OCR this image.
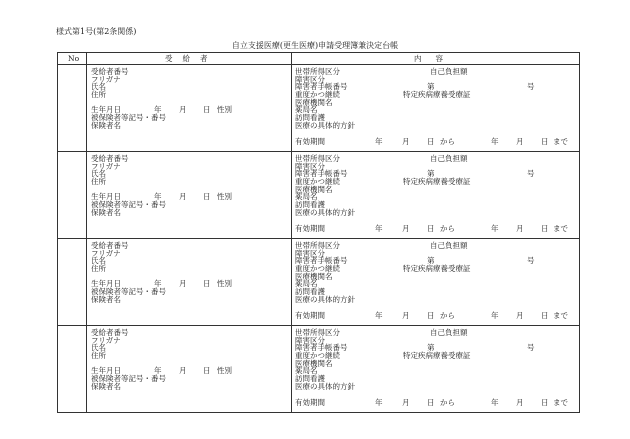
様式第1号(第2条関係)
自立支援医療(更生医療)申請受理簿兼決定台帳
No	受給者	内容
受給者番号
フリガナ
氏名
住所
生年月日	年 月 日 性別
被保険者等記号・番号
保険者名
世帯所得区分	自己負担額
障害区分
障害者手帳番号	第	号
重度かつ継続	特定疾病療養受療証
医療機関名
薬局名
訪問看護
医療の具体的方針
有効期間	年	月 日 から	年 月 日 まで
受給者番号
フリガナ
氏名
住所
生年月日	年 月 日 性別
被保険者等記号・番号
保険者名
世帯所得区分	自己負担額
障害区分
障害者手帳番号	第	号
重度かつ継続	特定疾病療養受療証
医療機関名
薬局名
訪問看護
医療の具体的方針
有効期間	年	月 日 から	年 月 日 まで
受給者番号
フリガナ
氏名
住所
生年月日	年 月 日 性別
被保険者等記号・番号
保険者名
世帯所得区分	自己負担額
障害区分
障害者手帳番号	第	号
重度かつ継続	特定疾病療養受療証
医療機関名
薬局名
訪問看護
医療の具体的方針
有効期間	年	月 日 から	年 月 日 まで
受給者番号
フリガナ
氏名
住所
生年月日	年 月 日 性別
被保険者等記号・番号
保険者名
世帯所得区分	自己負担額
障害区分
障害者手帳番号	第	号
重度かつ継続	特定疾病療養受療証
医療機関名
薬局名
訪問看護
医療の具体的方針
有効期間	年	月 日 から	年 月 日 まで
